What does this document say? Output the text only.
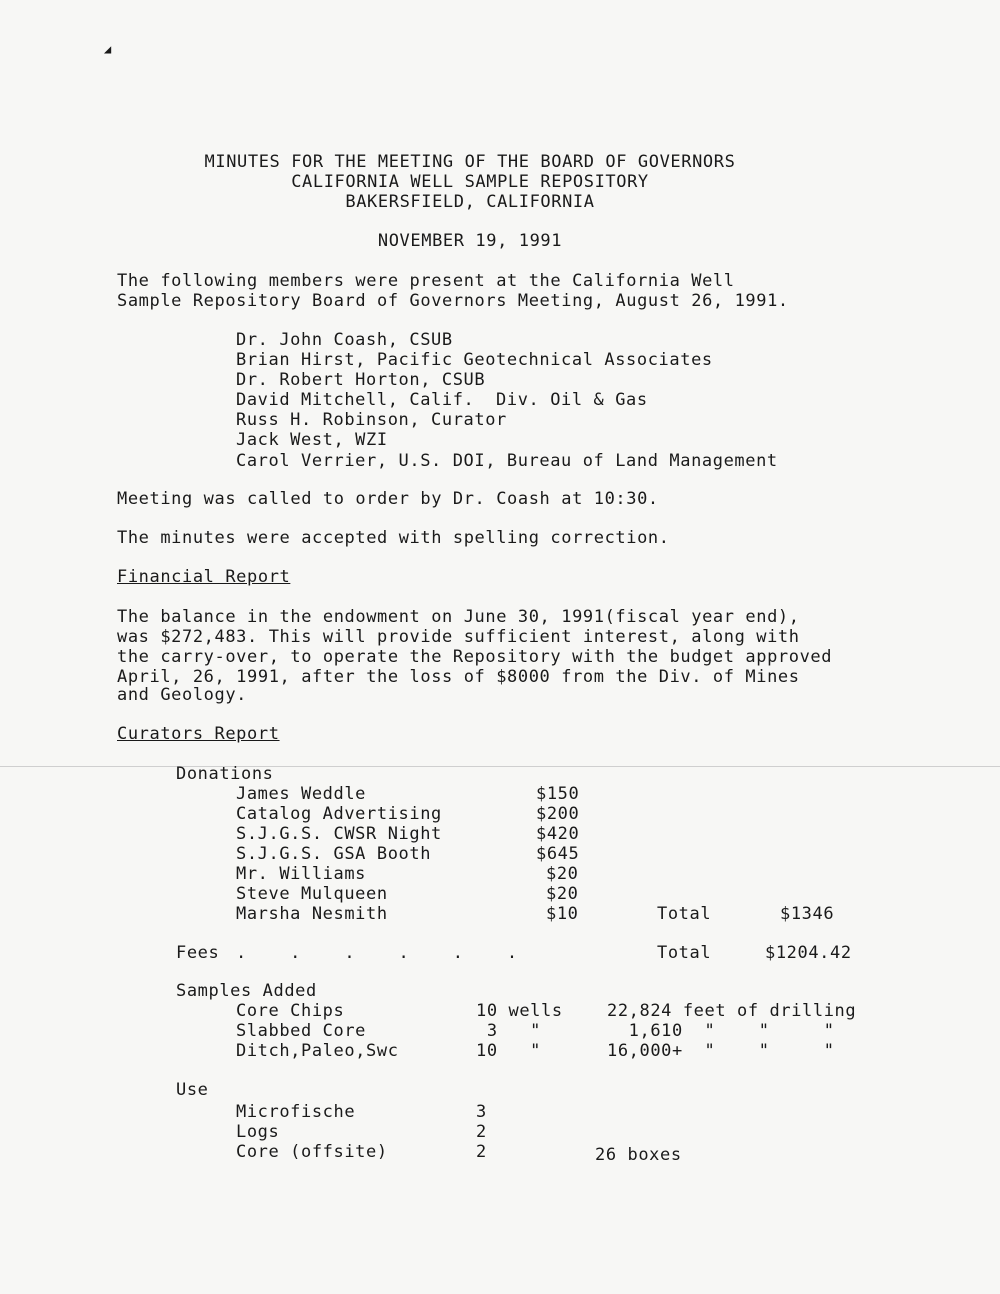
◢
MINUTES FOR THE MEETING OF THE BOARD OF GOVERNORS
CALIFORNIA WELL SAMPLE REPOSITORY
BAKERSFIELD, CALIFORNIA
NOVEMBER 19, 1991
The following members were present at the California Well
Sample Repository Board of Governors Meeting, August 26, 1991.
Dr. John Coash, CSUB
Brian Hirst, Pacific Geotechnical Associates
Dr. Robert Horton, CSUB
David Mitchell, Calif.  Div. Oil & Gas
Russ H. Robinson, Curator
Jack West, WZI
Carol Verrier, U.S. DOI, Bureau of Land Management
Meeting was called to order by Dr. Coash at 10:30.
The minutes were accepted with spelling correction.
Financial Report
The balance in the endowment on June 30, 1991(fiscal year end),
was $272,483. This will provide sufficient interest, along with
the carry-over, to operate the Repository with the budget approved
April, 26, 1991, after the loss of $8000 from the Div. of Mines
and Geology.
Curators Report
Donations
James Weddle	$150
Catalog Advertising	$200
S.J.G.S. CWSR Night	$420
S.J.G.S. GSA Booth	$645
Mr. Williams	$20
Steve Mulqueen	$20
Marsha Nesmith	$10	Total	$1346
Fees .    .    .    .    .    .	Total	$1204.42
Samples Added
Core Chips	10 wells	22,824 feet of drilling
Slabbed Core	3   "	1,610  "    "     "
Ditch,Paleo,Swc	10   "	16,000+  "    "     "
Use
Microfische	3
Logs	2
Core (offsite)	2	26 boxes
